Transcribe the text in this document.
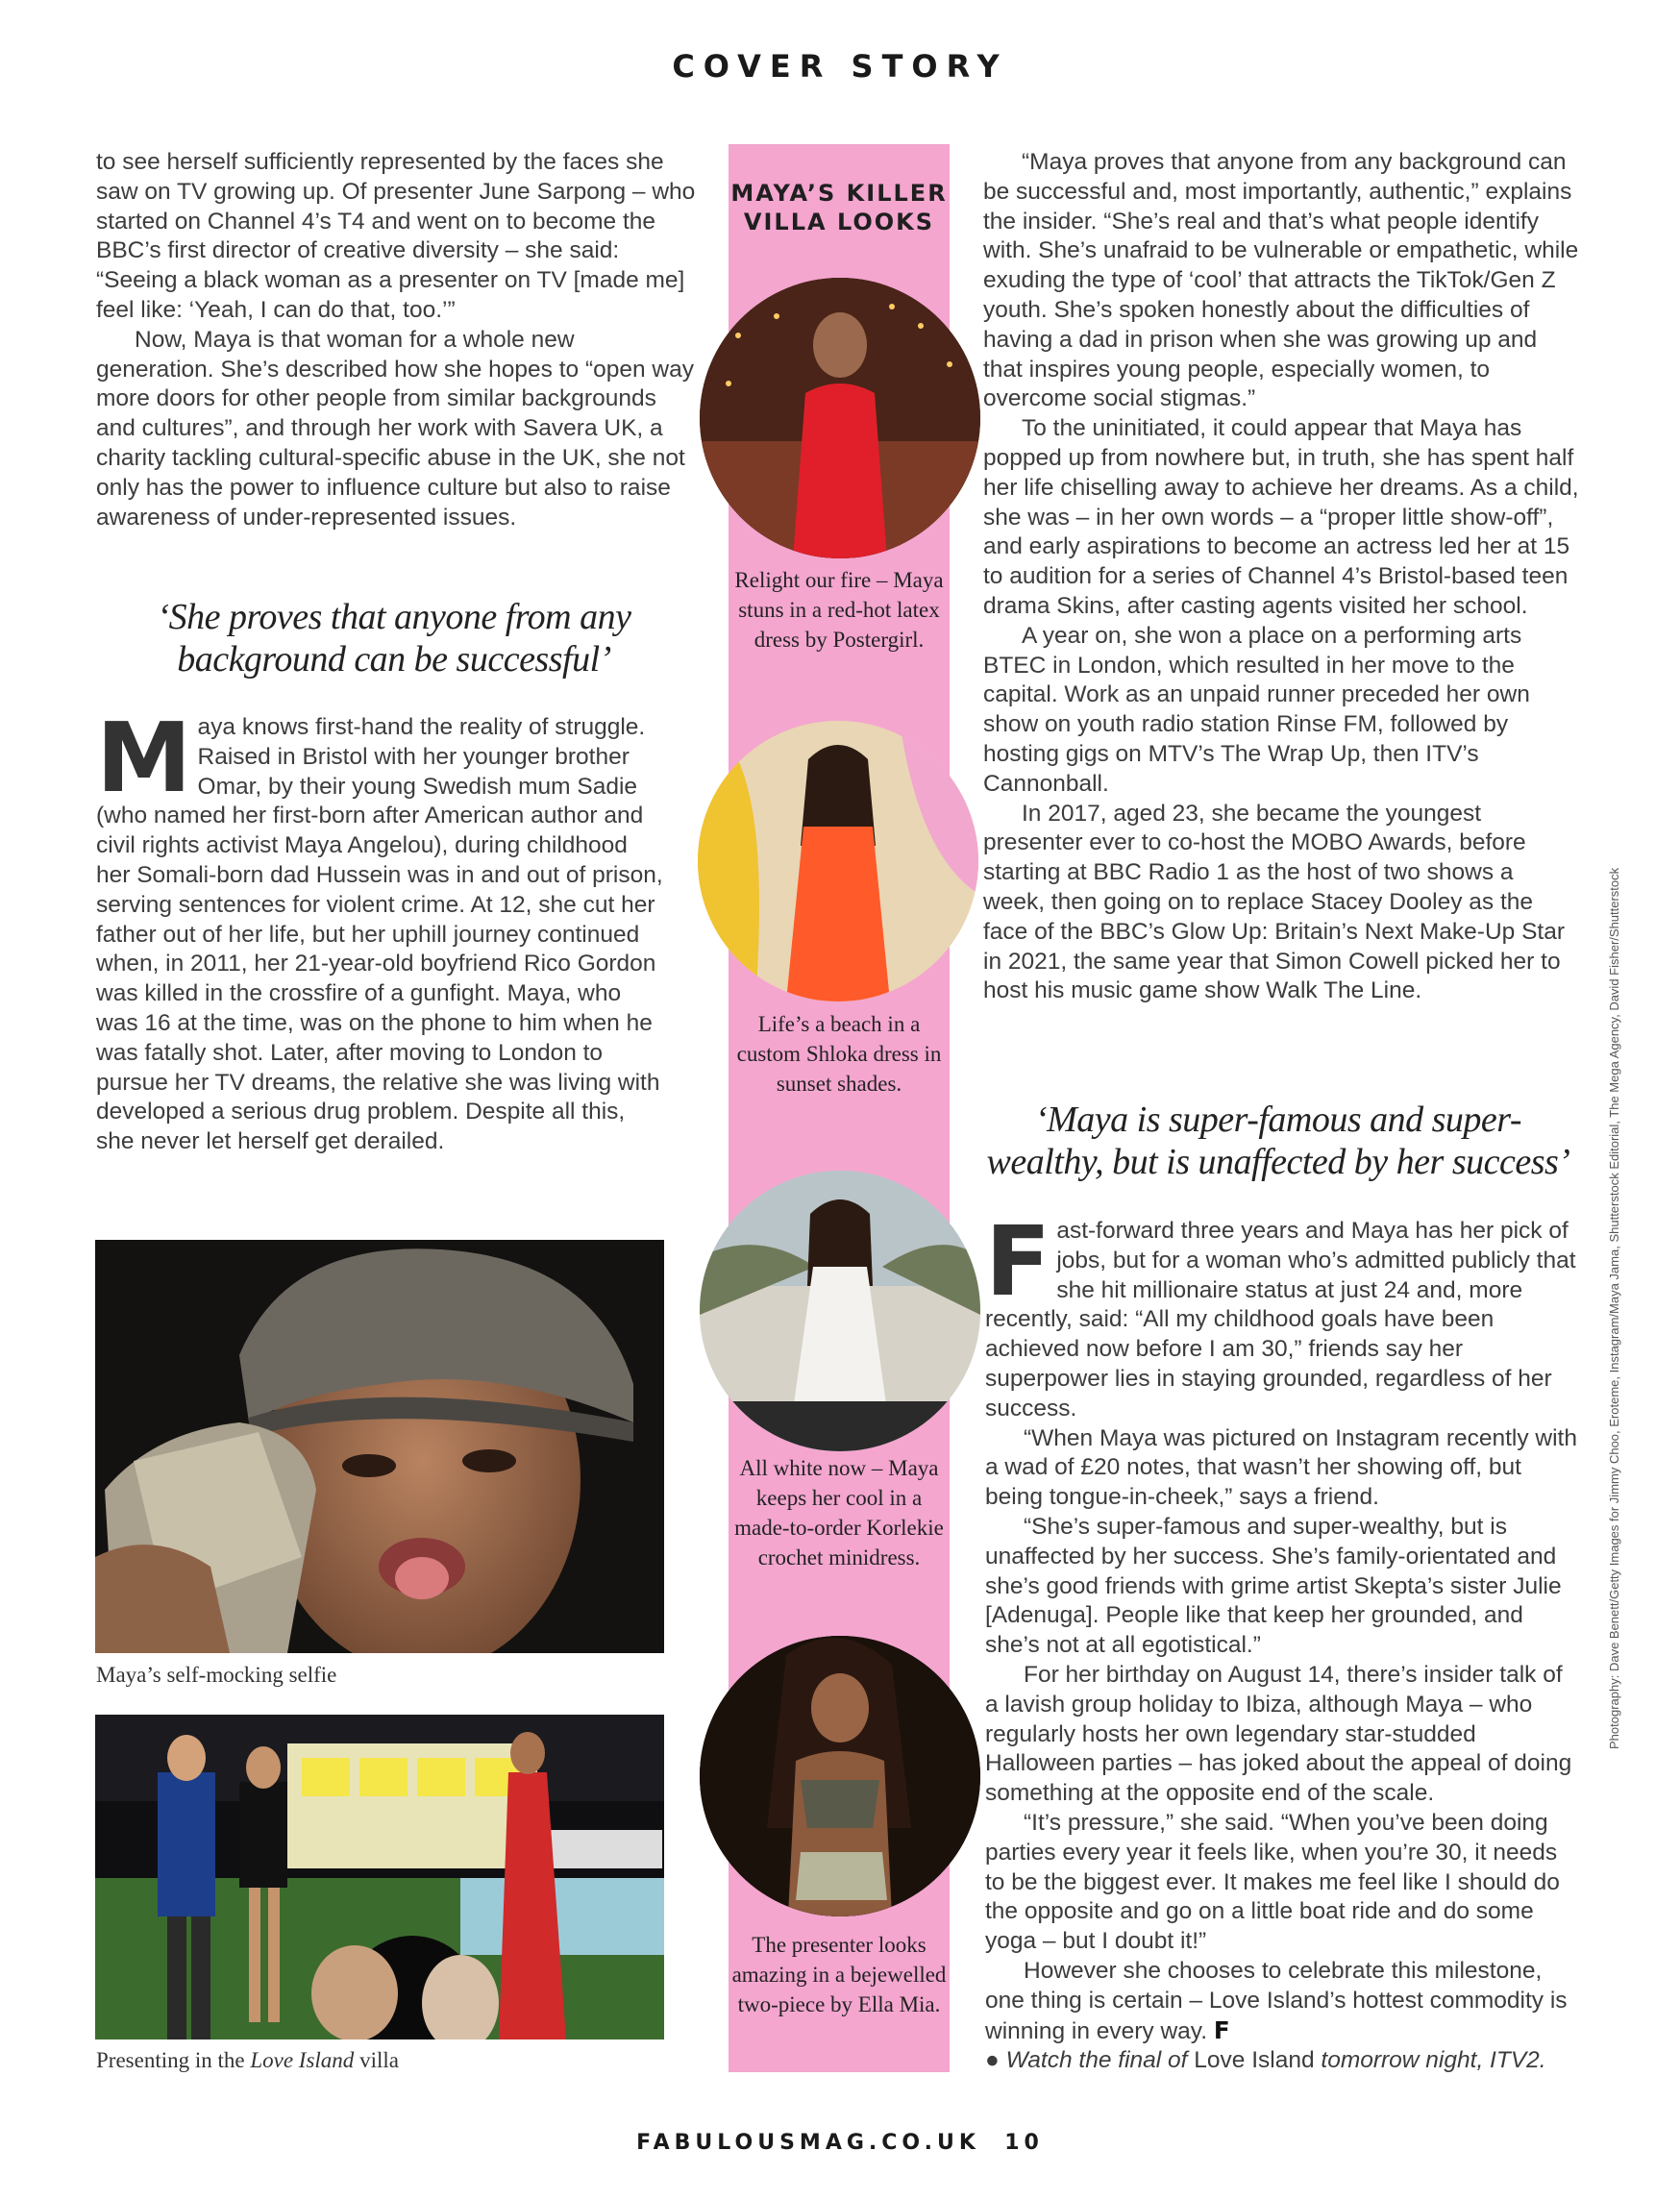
COVER STORY

to see herself sufficiently represented by the faces she saw on TV growing up. Of presenter June Sarpong – who started on Channel 4’s T4 and went on to become the BBC’s first director of creative diversity – she said: “Seeing a black woman as a presenter on TV [made me] feel like: ‘Yeah, I can do that, too.’”

Now, Maya is that woman for a whole new generation. She’s described how she hopes to “open way more doors for other people from similar backgrounds and cultures”, and through her work with Savera UK, a charity tackling cultural-specific abuse in the UK, she not only has the power to influence culture but also to raise awareness of under-represented issues.

‘She proves that anyone from any background can be successful’

Maya knows first-hand the reality of struggle. Raised in Bristol with her younger brother Omar, by their young Swedish mum Sadie (who named her first-born after American author and civil rights activist Maya Angelou), during childhood her Somali-born dad Hussein was in and out of prison, serving sentences for violent crime. At 12, she cut her father out of her life, but her uphill journey continued when, in 2011, her 21-year-old boyfriend Rico Gordon was killed in the crossfire of a gunfight. Maya, who was 16 at the time, was on the phone to him when he was fatally shot. Later, after moving to London to pursue her TV dreams, the relative she was living with developed a serious drug problem. Despite all this, she never let herself get derailed.

Maya’s self-mocking selfie
Presenting in the Love Island villa
MAYA’S KILLER VILLA LOOKS
Relight our fire – Maya stuns in a red-hot latex dress by Postergirl.
Life’s a beach in a custom Shloka dress in sunset shades.
All white now – Maya keeps her cool in a made-to-order Korlekie crochet minidress.
The presenter looks amazing in a bejewelled two-piece by Ella Mia.

“Maya proves that anyone from any background can be successful and, most importantly, authentic,” explains the insider. “She’s real and that’s what people identify with. She’s unafraid to be vulnerable or empathetic, while exuding the type of ‘cool’ that attracts the TikTok/Gen Z youth. She’s spoken honestly about the difficulties of having a dad in prison when she was growing up and that inspires young people, especially women, to overcome social stigmas.”

To the uninitiated, it could appear that Maya has popped up from nowhere but, in truth, she has spent half her life chiselling away to achieve her dreams. As a child, she was – in her own words – a “proper little show-off”, and early aspirations to become an actress led her at 15 to audition for a series of Channel 4’s Bristol-based teen drama Skins, after casting agents visited her school.

A year on, she won a place on a performing arts BTEC in London, which resulted in her move to the capital. Work as an unpaid runner preceded her own show on youth radio station Rinse FM, followed by hosting gigs on MTV’s The Wrap Up, then ITV’s Cannonball.

In 2017, aged 23, she became the youngest presenter ever to co-host the MOBO Awards, before starting at BBC Radio 1 as the host of two shows a week, then going on to replace Stacey Dooley as the face of the BBC’s Glow Up: Britain’s Next Make-Up Star in 2021, the same year that Simon Cowell picked her to host his music game show Walk The Line.

‘Maya is super-famous and super-wealthy, but is unaffected by her success’

Fast-forward three years and Maya has her pick of jobs, but for a woman who’s admitted publicly that she hit millionaire status at just 24 and, more recently, said: “All my childhood goals have been achieved now before I am 30,” friends say her superpower lies in staying grounded, regardless of her success.

“When Maya was pictured on Instagram recently with a wad of £20 notes, that wasn’t her showing off, but being tongue-in-cheek,” says a friend.

“She’s super-famous and super-wealthy, but is unaffected by her success. She’s family-orientated and she’s good friends with grime artist Skepta’s sister Julie [Adenuga]. People like that keep her grounded, and she’s not at all egotistical.”

For her birthday on August 14, there’s insider talk of a lavish group holiday to Ibiza, although Maya – who regularly hosts her own legendary star-studded Halloween parties – has joked about the appeal of doing something at the opposite end of the scale.

“It’s pressure,” she said. “When you’ve been doing parties every year it feels like, when you’re 30, it needs to be the biggest ever. It makes me feel like I should do the opposite and go on a little boat ride and do some yoga – but I doubt it!”

However she chooses to celebrate this milestone, one thing is certain – Love Island’s hottest commodity is winning in every way. F

● Watch the final of Love Island tomorrow night, ITV2.

Photography: Dave Benett/Getty Images for Jimmy Choo, Eroteme, Instagram/Maya Jama, Shutterstock Editorial, The Mega Agency, David Fisher/Shutterstock
FABULOUSMAG.CO.UK 10
